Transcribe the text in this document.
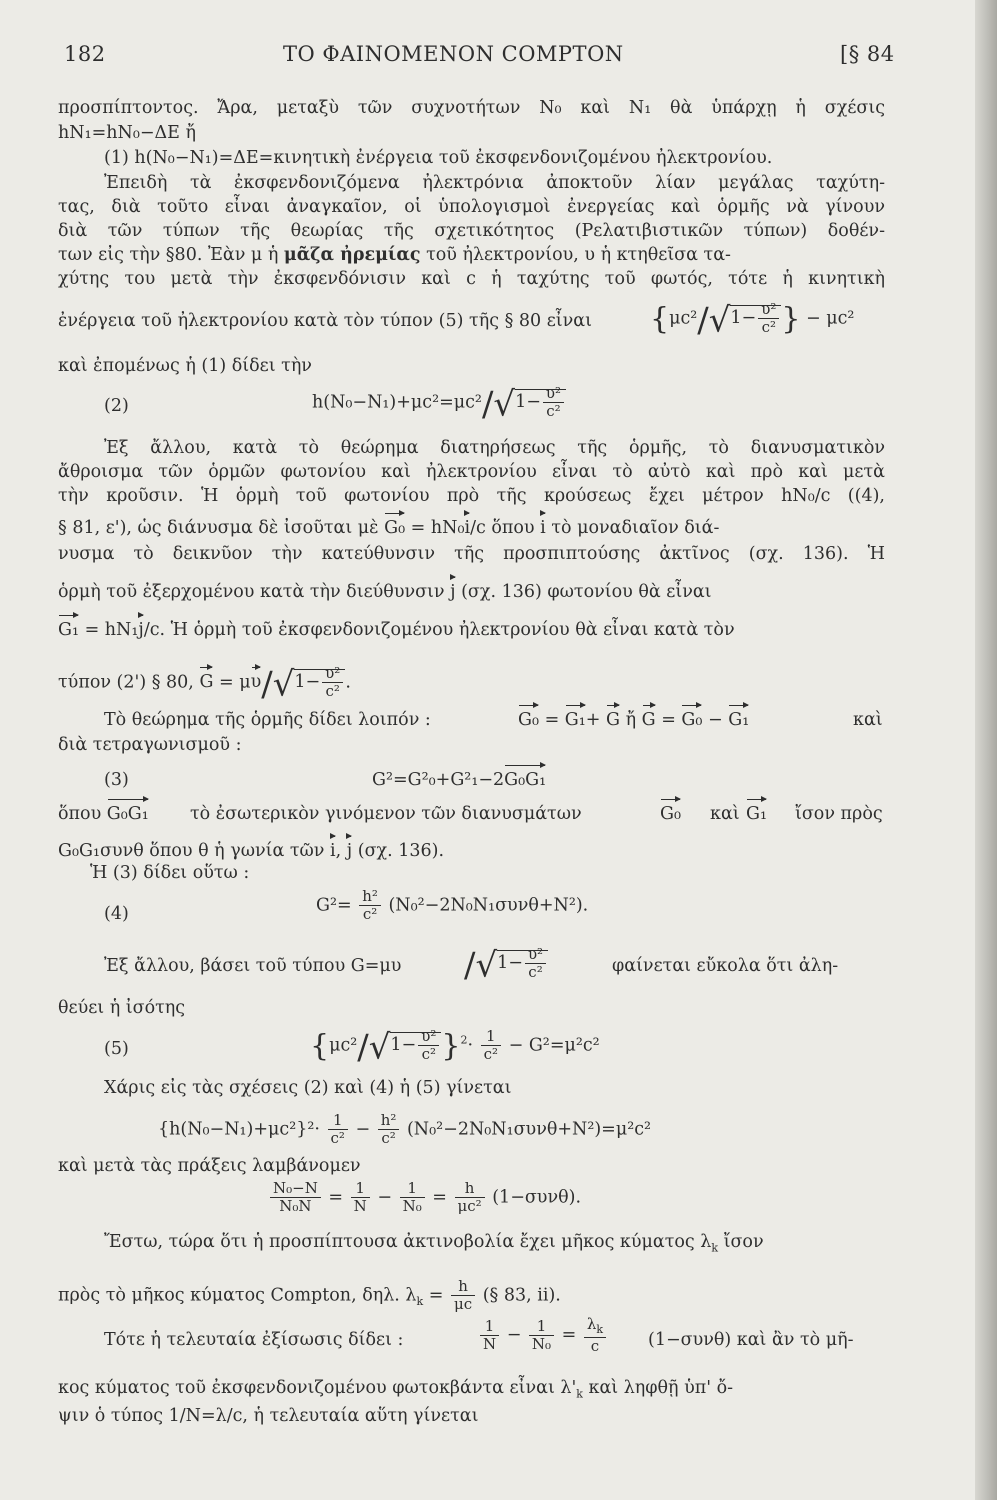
182	ΤΟ ΦΑΙΝΟΜΕΝΟΝ COMPTON	[§ 84
προσπίπτοντος. Ἄρα, μεταξὺ τῶν συχνοτήτων N₀ καὶ N₁ θὰ ὑπάρχῃ ἡ σχέσις
hN₁=hN₀−ΔΕ ἤ
(1) h(N₀−N₁)=ΔΕ=κινητικὴ ἐνέργεια τοῦ ἐκσφενδονιζομένου ἠλεκτρονίου.
Ἐπειδὴ τὰ ἐκσφενδονιζόμενα ἠλεκτρόνια ἀποκτοῦν λίαν μεγάλας ταχύτη-
τας, διὰ τοῦτο εἶναι ἀναγκαῖον, οἱ ὑπολογισμοὶ ἐνεργείας καὶ ὁρμῆς νὰ γίνουν
διὰ τῶν τύπων τῆς θεωρίας τῆς σχετικότητος (Ρελατιβιστικῶν τύπων) δοθέν-
των εἰς τὴν §80. Ἐὰν μ ἡ μᾶζα ἠρεμίας τοῦ ἠλεκτρονίου, υ ἡ κτηθεῖσα τα-
χύτης του μετὰ τὴν ἐκσφενδόνισιν καὶ c ἡ ταχύτης τοῦ φωτός, τότε ἡ κινητικὴ
ἐνέργεια τοῦ ἠλεκτρονίου κατὰ τὸν τύπον (5) τῆς § 80 εἶναι {$\mu c^2/√1- \frac{\text{υ²}}{\text{c²}}$ } − μc²
καὶ ἐπομένως ἡ (1) δίδει τὴν
(2)	$h(N_0-N_1)+\mu c^2=\mu c^2/√1- \frac{\text{υ²}}{\text{c²}}$
Ἐξ ἄλλου, κατὰ τὸ θεώρημα διατηρήσεως τῆς ὁρμῆς, τὸ διανυσματικὸν
ἄθροισμα τῶν ὁρμῶν φωτονίου καὶ ἠλεκτρονίου εἶναι τὸ αὐτὸ καὶ πρὸ καὶ μετὰ
τὴν κροῦσιν. Ἡ ὁρμὴ τοῦ φωτονίου πρὸ τῆς κρούσεως ἔχει μέτρον hN₀/c ((4),
§ 81, ε'), ὡς διάνυσμα δὲ ἰσοῦται μὲ G₀ = hN₀i/c ὅπου i τὸ μοναδιαῖον διά-
νυσμα τὸ δεικνῦον τὴν κατεύθυνσιν τῆς προσπιπτούσης ἀκτῖνος (σχ. 136). Ἡ
ὁρμὴ τοῦ ἐξερχομένου κατὰ τὴν διεύθυνσιν j (σχ. 136) φωτονίου θὰ εἶναι
G₁ = hN₁j/c. Ἡ ὁρμὴ τοῦ ἐκσφενδονιζομένου ἠλεκτρονίου θὰ εἶναι κατὰ τὸν
τύπον (2') § 80, $G = \mu\upsilon/√1- \frac{\text{υ²}}{\text{c²}}$ .
Τὸ θεώρημα τῆς ὁρμῆς δίδει λοιπόν :	G₀ = G₁+ G ἤ G = G₀ − G₁	καὶ
διὰ τετραγωνισμοῦ :
(3)	G²=G²₀+G²₁−2G₀G₁
ὅπου G₀G₁ τὸ ἐσωτερικὸν γινόμενον τῶν διανυσμάτων	G₀ καὶ G₁ ἴσον πρὸς
G₀G₁συνθ ὅπου θ ἡ γωνία τῶν i, j (σχ. 136).
Ἡ (3) δίδει οὕτω :
(4)	$G^2= \frac{\text{h²}}{\text{c²}} (N_0^2-2N_0N_1\sigma\upsilon\nu\theta+N^2)$.
Ἐξ ἄλλου, βάσει τοῦ τύπου G=μυ $/√1- \frac{\text{υ²}}{\text{c²}}$	φαίνεται εὔκολα ὅτι ἀλη-
θεύει ἡ ἰσότης
(5)	$\{\mu c^2/√1- \frac{\text{υ²}}{\text{c²}} \}^2\cdot \frac{1}{\text{c²}} - G^2=\mu^2c^2$
Χάρις εἰς τὰς σχέσεις (2) καὶ (4) ἡ (5) γίνεται
$\{h(N_0-N_1)+\mu c^2\}^2\cdot \frac{1}{\text{c²}} - \frac{\text{h²}}{\text{c²}} (N_0^2-2N_0N_1\sigma\upsilon\nu\theta+N^2)=\mu^2c^2$
καὶ μετὰ τὰς πράξεις λαμβάνομεν
$\frac{\text{N₀−N}}{\text{N₀N}} = \frac{1}{N} - \frac{1}{\text{N₀}} = \frac{h}{\text{μc²}} (1-\sigma\upsilon\nu\theta)$.
Ἔστω, τώρα ὅτι ἡ προσπίπτουσα ἀκτινοβολία ἔχει μῆκος κύματος $\lambda_k$ ἴσον
πρὸς τὸ μῆκος κύματος Compton, δηλ. $\lambda_k = \frac{h}{\mu c}$ (§ 83, ii).
Τότε ἡ τελευταία ἐξίσωσις δίδει :	$\frac{1}{N} - \frac{1}{\text{N₀}} = \frac{\lambda_k}{c} (1-\sigma\upsilon\nu\theta)$ καὶ ἂν τὸ μῆ-
κος κύματος τοῦ ἐκσφενδονιζομένου φωτοκβάντα εἶναι $\lambda'_k$ καὶ ληφθῇ ὑπ' ὄ-
ψιν ὁ τύπος 1/N=λ/c, ἡ τελευταία αὕτη γίνεται
